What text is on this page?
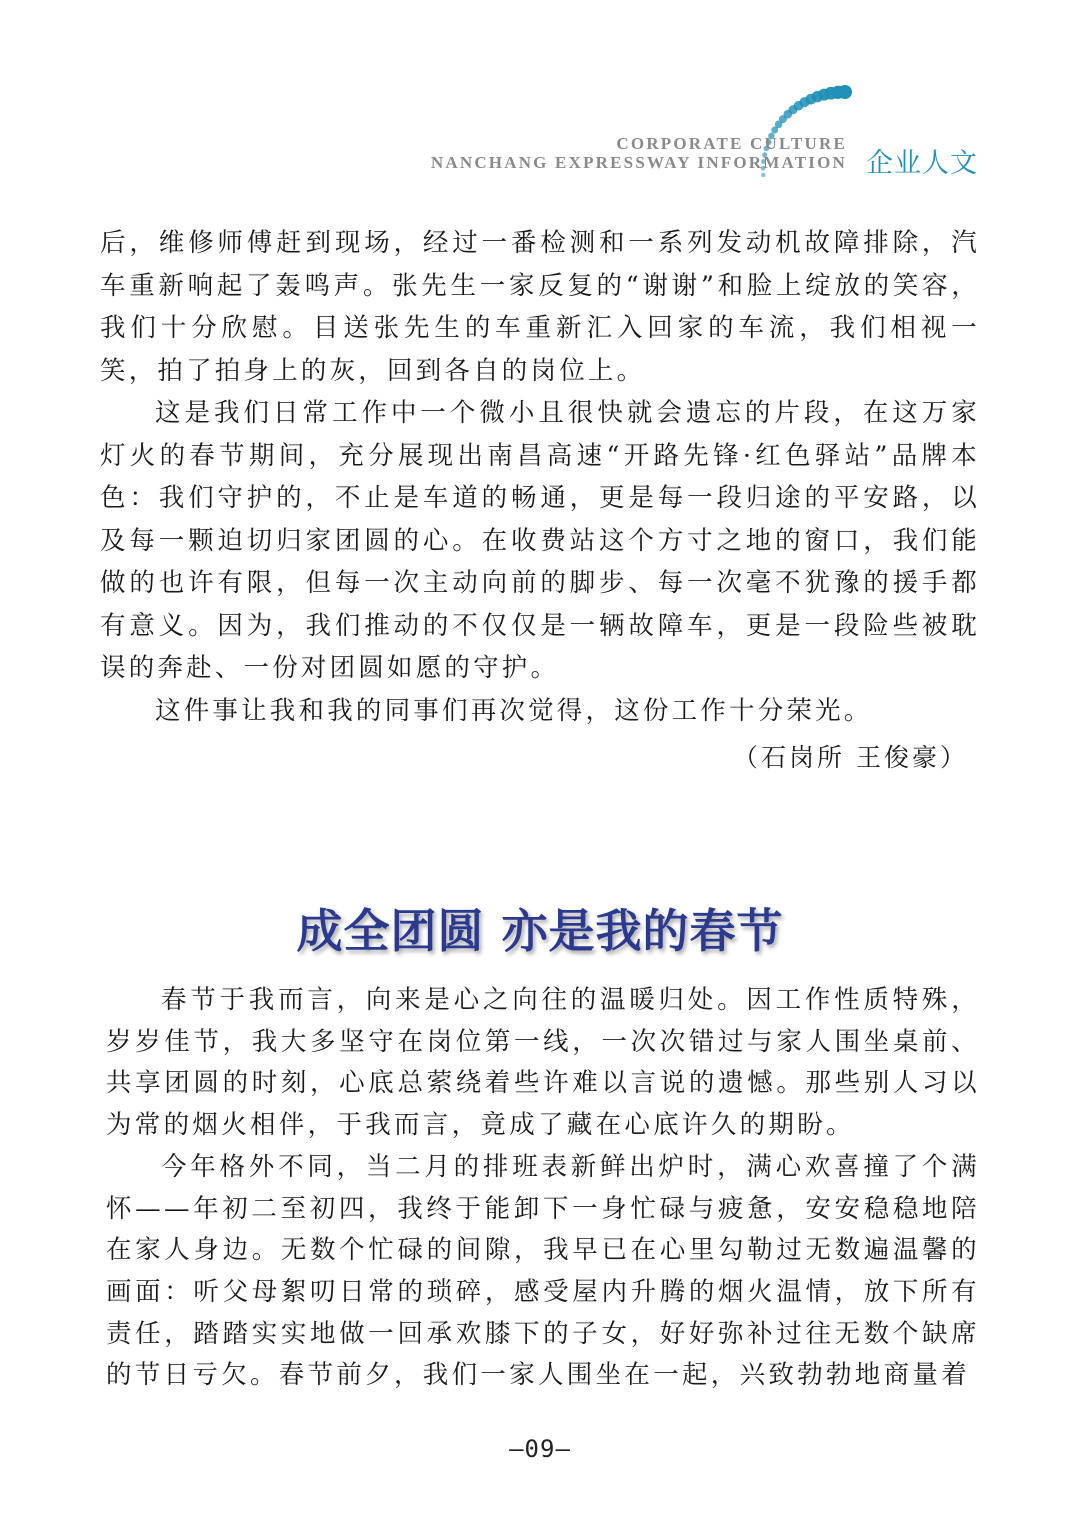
CORPORATE CULTURE
NANCHANG EXPRESSWAY INFORMATION 企业人文

后，维修师傅赶到现场，经过一番检测和一系列发动机故障排除，汽车重新响起了轰鸣声。张先生一家反复的“谢谢”和脸上绽放的笑容，我们十分欣慰。目送张先生的车重新汇入回家的车流，我们相视一笑，拍了拍身上的灰，回到各自的岗位上。

这是我们日常工作中一个微小且很快就会遗忘的片段，在这万家灯火的春节期间，充分展现出南昌高速“开路先锋·红色驿站”品牌本色：我们守护的，不止是车道的畅通，更是每一段归途的平安路，以及每一颗迫切归家团圆的心。在收费站这个方寸之地的窗口，我们能做的也许有限，但每一次主动向前的脚步、每一次毫不犹豫的援手都有意义。因为，我们推动的不仅仅是一辆故障车，更是一段险些被耽误的奔赴、一份对团圆如愿的守护。

这件事让我和我的同事们再次觉得，这份工作十分荣光。

（石岗所 王俊豪）
成全团圆 亦是我的春节

春节于我而言，向来是心之向往的温暖归处。因工作性质特殊，岁岁佳节，我大多坚守在岗位第一线，一次次错过与家人围坐桌前、共享团圆的时刻，心底总萦绕着些许难以言说的遗憾。那些别人习以为常的烟火相伴，于我而言，竟成了藏在心底许久的期盼。

今年格外不同，当二月的排班表新鲜出炉时，满心欢喜撞了个满怀——年初二至初四，我终于能卸下一身忙碌与疲惫，安安稳稳地陪在家人身边。无数个忙碌的间隙，我早已在心里勾勒过无数遍温馨的画面：听父母絮叨日常的琐碎，感受屋内升腾的烟火温情，放下所有责任，踏踏实实地做一回承欢膝下的子女，好好弥补过往无数个缺席的节日亏欠。春节前夕，我们一家人围坐在一起，兴致勃勃地商量着

—09—
